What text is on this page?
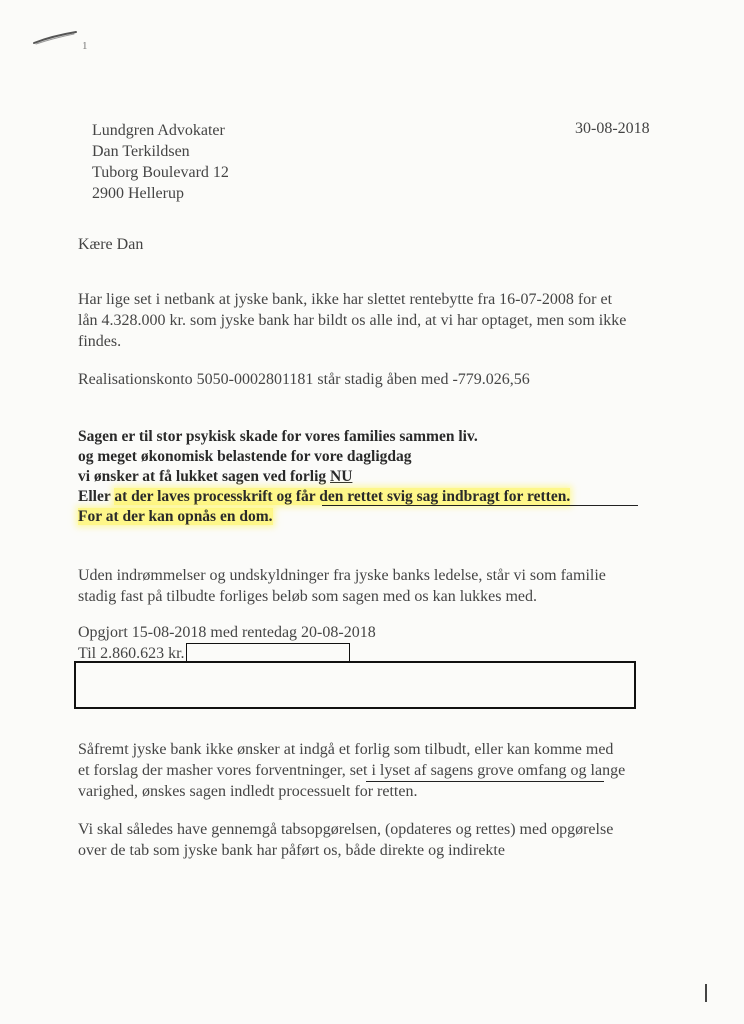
1
Lundgren Advokater
Dan Terkildsen
Tuborg Boulevard 12
2900 Hellerup
30-08-2018
Kære Dan
Har lige set i netbank at jyske bank, ikke har slettet rentebytte fra 16-07-2008 for et
lån 4.328.000 kr. som jyske bank har bildt os alle ind, at vi har optaget, men som ikke
findes.
Realisationskonto 5050-0002801181 står stadig åben med -779.026,56
Sagen er til stor psykisk skade for vores families sammen liv.
og meget økonomisk belastende for vore dagligdag
vi ønsker at få lukket sagen ved forlig NU
Eller at der laves processkrift og får den rettet svig sag indbragt for retten.
For at der kan opnås en dom.
Uden indrømmelser og undskyldninger fra jyske banks ledelse, står vi som familie
stadig fast på tilbudte forliges beløb som sagen med os kan lukkes med.
Opgjort 15-08-2018 med rentedag 20-08-2018
Til 2.860.623 kr.
Såfremt jyske bank ikke ønsker at indgå et forlig som tilbudt, eller kan komme med
et forslag der masher vores forventninger, set i lyset af sagens grove omfang og lange
varighed, ønskes sagen indledt processuelt for retten.
Vi skal således have gennemgå tabsopgørelsen, (opdateres og rettes) med opgørelse
over de tab som jyske bank har påført os, både direkte og indirekte
